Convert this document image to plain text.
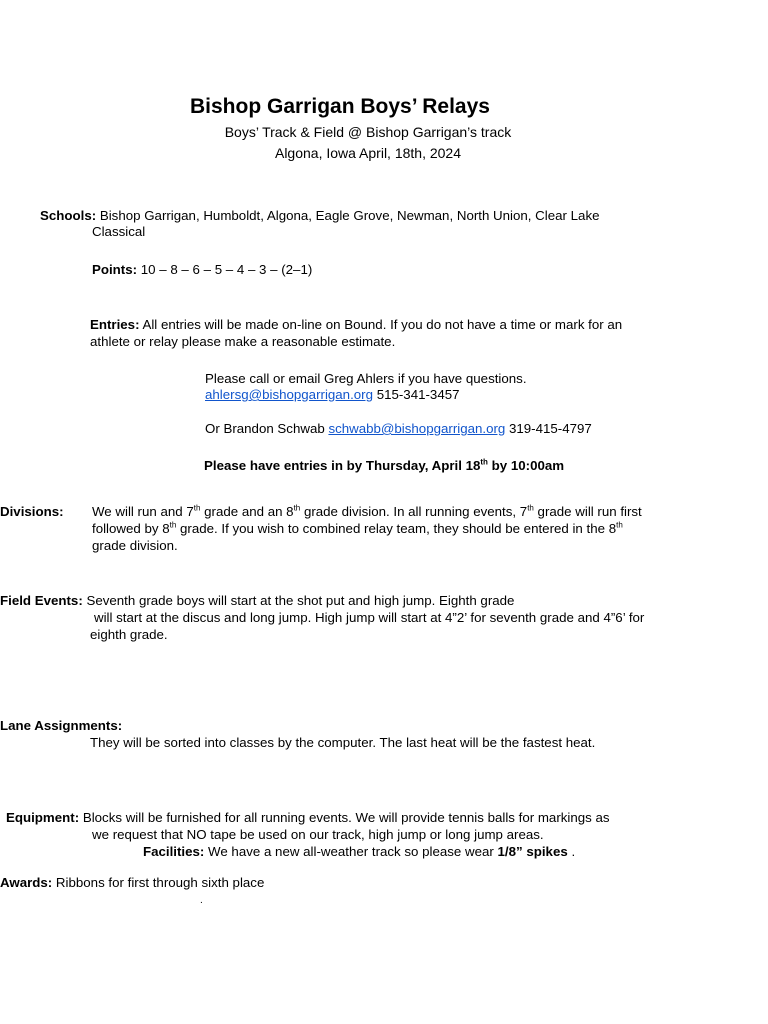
Bishop Garrigan Boys’ Relays
Boys’ Track & Field @ Bishop Garrigan’s track
Algona, Iowa April, 18th, 2024
Schools: Bishop Garrigan, Humboldt, Algona, Eagle Grove, Newman, North Union, Clear Lake
Classical
Points: 10 – 8 – 6 – 5 – 4 – 3 – (2–1)
Entries: All entries will be made on-line on Bound. If you do not have a time or mark for an
athlete or relay please make a reasonable estimate.
Please call or email Greg Ahlers if you have questions.
ahlersg@bishopgarrigan.org 515-341-3457
Or Brandon Schwab schwabb@bishopgarrigan.org 319-415-4797
Please have entries in by Thursday, April 18th by 10:00am
Divisions: We will run and 7th grade and an 8th grade division. In all running events, 7th grade will run first
followed by 8th grade. If you wish to combined relay team, they should be entered in the 8th
grade division.
Field Events: Seventh grade boys will start at the shot put and high jump. Eighth grade
will start at the discus and long jump. High jump will start at 4”2’ for seventh grade and 4”6’ for
eighth grade.
Lane Assignments:
They will be sorted into classes by the computer. The last heat will be the fastest heat.
Equipment: Blocks will be furnished for all running events. We will provide tennis balls for markings as
we request that NO tape be used on our track, high jump or long jump areas.
Facilities: We have a new all-weather track so please wear 1/8” spikes .
Awards: Ribbons for first through sixth place
.
